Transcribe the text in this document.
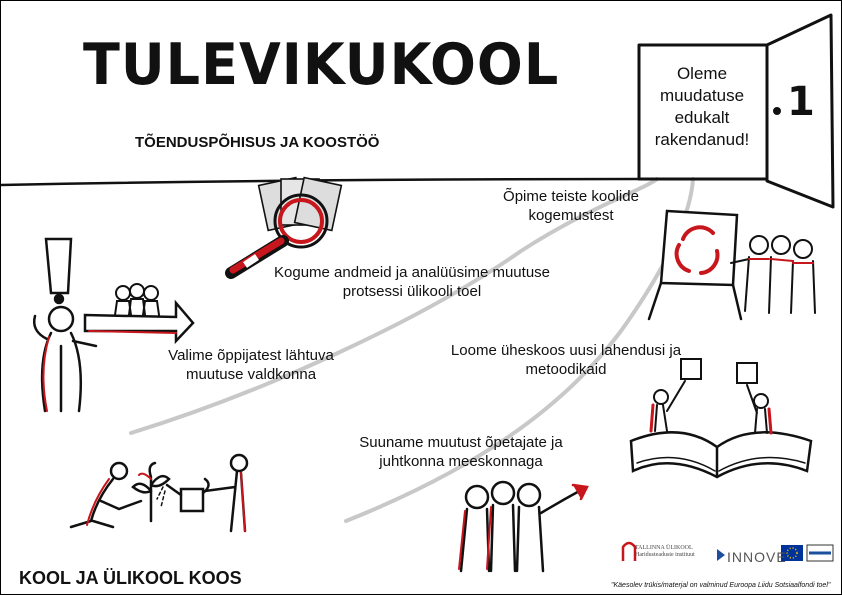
TULEVIKUKOOL
TÕENDUSPÕHISUS JA KOOSTÖÖ
Oleme muudatuse edukalt rakendanud!
1
Valime õppijatest lähtuva muutuse valdkonna
Kogume andmeid ja analüüsime muutuse protsessi ülikooli toel
Õpime teiste koolide kogemustest
Loome üheskoos uusi lahendusi ja metoodikaid
Suuname muutust õpetajate ja juhtkonna meeskonnaga
KOOL JA ÜLIKOOL KOOS
TALLINNA ÜLIKOOL Haridusteaduste instituut INNOVE
"Käesolev trükis/materjal on valminud Euroopa Liidu Sotsiaalfondi toel"
